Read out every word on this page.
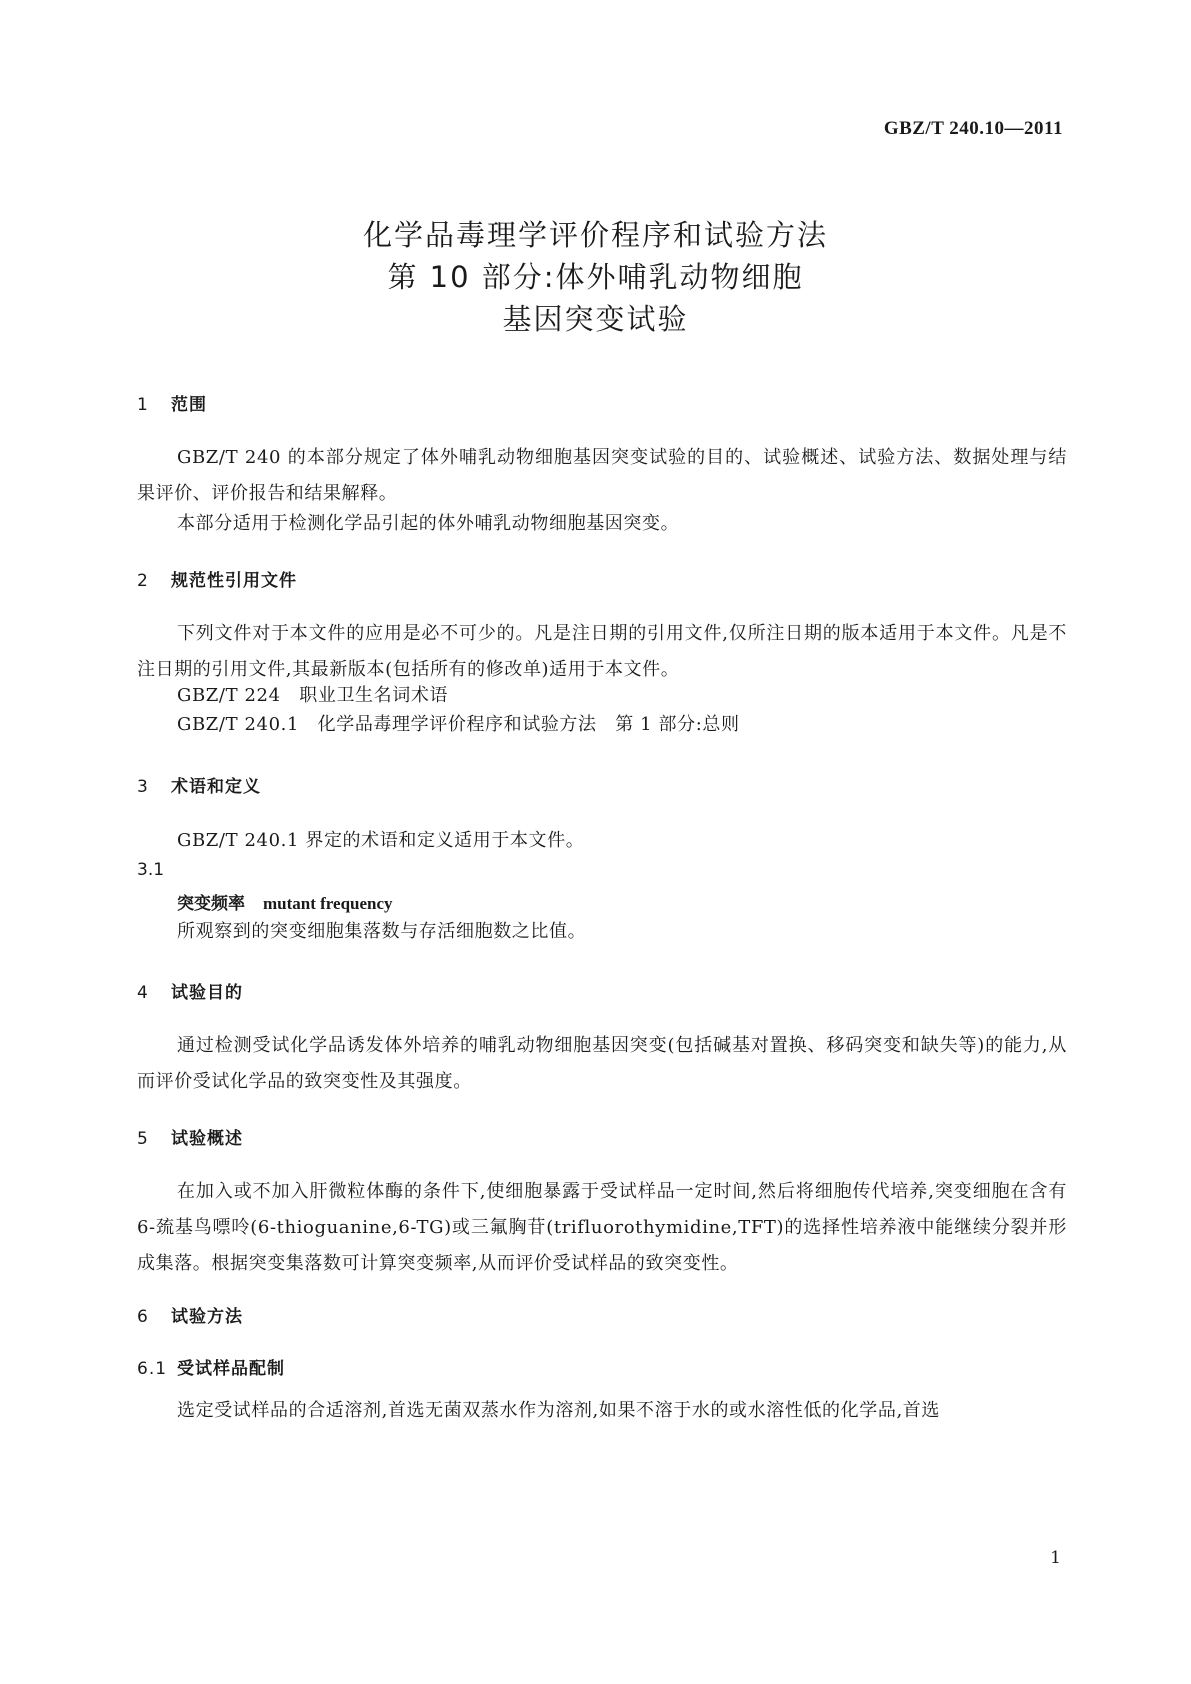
GBZ/T 240.10—2011
化学品毒理学评价程序和试验方法
第 10 部分:体外哺乳动物细胞
基因突变试验
1 范围
GBZ/T 240 的本部分规定了体外哺乳动物细胞基因突变试验的目的、试验概述、试验方法、数据处理与结果评价、评价报告和结果解释。
本部分适用于检测化学品引起的体外哺乳动物细胞基因突变。
2 规范性引用文件
下列文件对于本文件的应用是必不可少的。凡是注日期的引用文件,仅所注日期的版本适用于本文件。凡是不注日期的引用文件,其最新版本(包括所有的修改单)适用于本文件。
GBZ/T 224　职业卫生名词术语
GBZ/T 240.1　化学品毒理学评价程序和试验方法　第 1 部分:总则
3 术语和定义
GBZ/T 240.1 界定的术语和定义适用于本文件。
3.1
突变频率 mutant frequency
所观察到的突变细胞集落数与存活细胞数之比值。
4 试验目的
通过检测受试化学品诱发体外培养的哺乳动物细胞基因突变(包括碱基对置换、移码突变和缺失等)的能力,从而评价受试化学品的致突变性及其强度。
5 试验概述
在加入或不加入肝微粒体酶的条件下,使细胞暴露于受试样品一定时间,然后将细胞传代培养,突变细胞在含有 6-巯基鸟嘌呤(6-thioguanine,6-TG)或三氟胸苷(trifluorothymidine,TFT)的选择性培养液中能继续分裂并形成集落。根据突变集落数可计算突变频率,从而评价受试样品的致突变性。
6 试验方法
6.1 受试样品配制
选定受试样品的合适溶剂,首选无菌双蒸水作为溶剂,如果不溶于水的或水溶性低的化学品,首选
1
